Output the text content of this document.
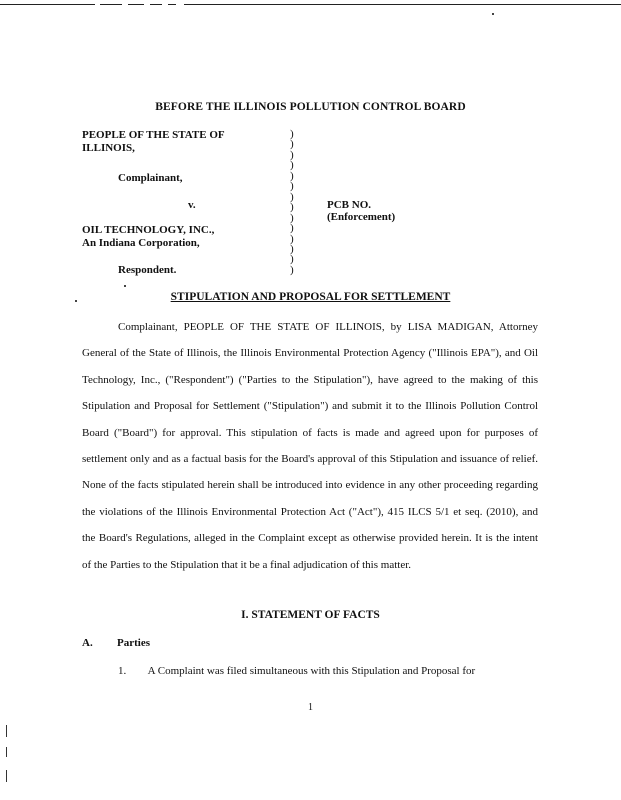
BEFORE THE ILLINOIS POLLUTION CONTROL BOARD
PEOPLE OF THE STATE OF
ILLINOIS,
Complainant,
v.
OIL TECHNOLOGY, INC.,
An Indiana Corporation,
Respondent.
PCB NO.
(Enforcement)
)
)
)
)
)
)
)
)
)
)
)
)
)
)
STIPULATION AND PROPOSAL FOR SETTLEMENT

Complainant, PEOPLE OF THE STATE OF ILLINOIS, by LISA MADIGAN, Attorney General of the State of Illinois, the Illinois Environmental Protection Agency ("Illinois EPA"), and Oil Technology, Inc., ("Respondent") ("Parties to the Stipulation"), have agreed to the making of this Stipulation and Proposal for Settlement ("Stipulation") and submit it to the Illinois Pollution Control Board ("Board") for approval. This stipulation of facts is made and agreed upon for purposes of settlement only and as a factual basis for the Board's approval of this Stipulation and issuance of relief. None of the facts stipulated herein shall be introduced into evidence in any other proceeding regarding the violations of the Illinois Environmental Protection Act ("Act"), 415 ILCS 5/1 et seq. (2010), and the Board's Regulations, alleged in the Complaint except as otherwise provided herein. It is the intent of the Parties to the Stipulation that it be a final adjudication of this matter.

I. STATEMENT OF FACTS
A. Parties

1. A Complaint was filed simultaneous with this Stipulation and Proposal for

1
